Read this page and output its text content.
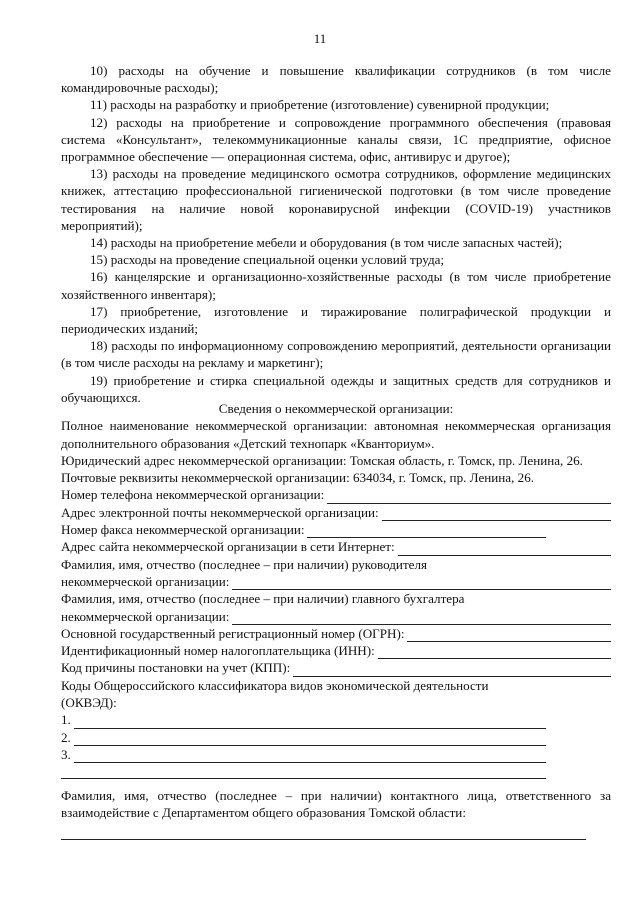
11

10) расходы на обучение и повышение квалификации сотрудников (в том числе командировочные расходы);

11) расходы на разработку и приобретение (изготовление) сувенирной продукции;

12) расходы на приобретение и сопровождение программного обеспечения (правовая система «Консультант», телекоммуникационные каналы связи, 1С предприятие, офисное программное обеспечение — операционная система, офис, антивирус и другое);

13) расходы на проведение медицинского осмотра сотрудников, оформление медицинских книжек, аттестацию профессиональной гигиенической подготовки (в том числе проведение тестирования на наличие новой коронавирусной инфекции (COVID-19) участников мероприятий);

14) расходы на приобретение мебели и оборудования (в том числе запасных частей);

15) расходы на проведение специальной оценки условий труда;

16) канцелярские и организационно-хозяйственные расходы (в том числе приобретение хозяйственного инвентаря);

17) приобретение, изготовление и тиражирование полиграфической продукции и периодических изданий;

18) расходы по информационному сопровождению мероприятий, деятельности организации (в том числе расходы на рекламу и маркетинг);

19) приобретение и стирка специальной одежды и защитных средств для сотрудников и обучающихся.

Сведения о некоммерческой организации:

Полное наименование некоммерческой организации: автономная некоммерческая организация дополнительного образования «Детский технопарк «Кванториум».

Юридический адрес некоммерческой организации: Томская область, г. Томск, пр. Ленина, 26.

Почтовые реквизиты некоммерческой организации: 634034, г. Томск, пр. Ленина, 26.

Номер телефона некоммерческой организации:
Адрес электронной почты некоммерческой организации:
Номер факса некоммерческой организации:
Адрес сайта некоммерческой организации в сети Интернет:

Фамилия, имя, отчество (последнее – при наличии) руководителя

некоммерческой организации:

Фамилия, имя, отчество (последнее – при наличии) главного бухгалтера

некоммерческой организации:
Основной государственный регистрационный номер (ОГРН):
Идентификационный номер налогоплательщика (ИНН):
Код причины постановки на учет (КПП):

Коды Общероссийского классификатора видов экономической деятельности

(ОКВЭД):

1.
2.
3.

Фамилия, имя, отчество (последнее – при наличии) контактного лица, ответственного за взаимодействие с Департаментом общего образования Томской области:
